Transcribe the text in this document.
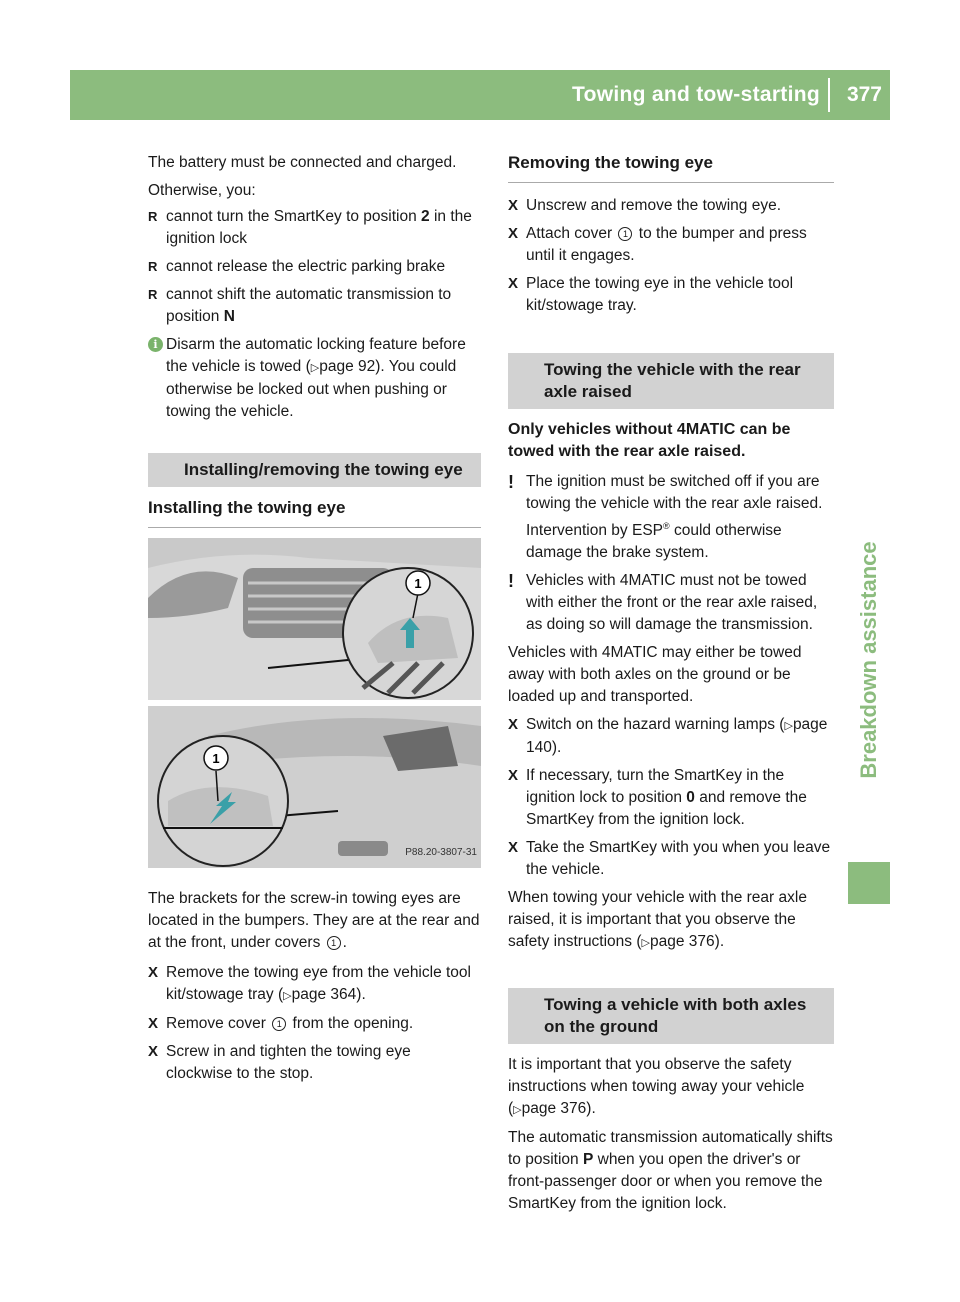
Towing and tow-starting 377
Breakdown assistance

The battery must be connected and charged.

Otherwise, you:

R cannot turn the SmartKey to position 2 in the ignition lock
R cannot release the electric parking brake
R cannot shift the automatic transmission to position N
i Disarm the automatic locking feature before the vehicle is towed (▷page 92). You could otherwise be locked out when pushing or towing the vehicle.
Installing/removing the towing eye
Installing the towing eye
1
1
P88.20-3807-31

The brackets for the screw-in towing eyes are located in the bumpers. They are at the rear and at the front, under covers 1 .

X Remove the towing eye from the vehicle tool kit/stowage tray (▷page 364).
X Remove cover 1 from the opening.
X Screw in and tighten the towing eye clockwise to the stop.
Removing the towing eye
X Unscrew and remove the towing eye.
X Attach cover 1 to the bumper and press until it engages.
X Place the towing eye in the vehicle tool kit/stowage tray.
Towing the vehicle with the rear axle raised

Only vehicles without 4MATIC can be towed with the rear axle raised.

! The ignition must be switched off if you are towing the vehicle with the rear axle raised. Intervention by ESP® could otherwise damage the brake system.
! Vehicles with 4MATIC must not be towed with either the front or the rear axle raised, as doing so will damage the transmission.

Vehicles with 4MATIC may either be towed away with both axles on the ground or be loaded up and transported.

X Switch on the hazard warning lamps (▷page 140).
X If necessary, turn the SmartKey in the ignition lock to position 0 and remove the SmartKey from the ignition lock.
X Take the SmartKey with you when you leave the vehicle.

When towing your vehicle with the rear axle raised, it is important that you observe the safety instructions (▷page 376).

Towing a vehicle with both axles on the ground

It is important that you observe the safety instructions when towing away your vehicle (▷page 376).

The automatic transmission automatically shifts to position P when you open the driver's or front-passenger door or when you remove the SmartKey from the ignition lock.
